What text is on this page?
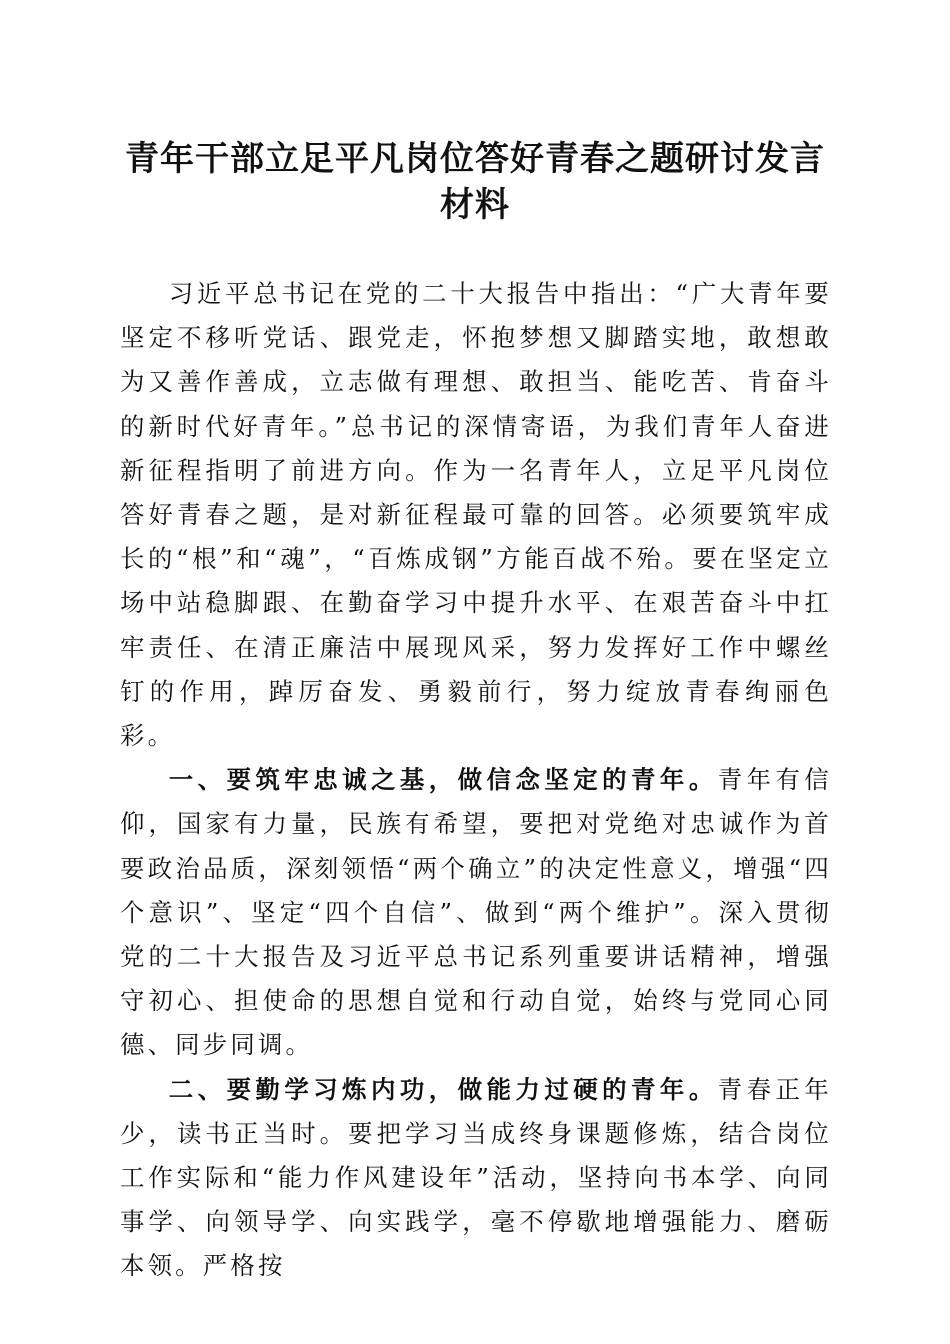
青年干部立足平凡岗位答好青春之题研讨发言材料

习近平总书记在党的二十大报告中指出：“广大青年要坚定不移听党话、跟党走，怀抱梦想又脚踏实地，敢想敢为又善作善成，立志做有理想、敢担当、能吃苦、肯奋斗的新时代好青年。”总书记的深情寄语，为我们青年人奋进新征程指明了前进方向。作为一名青年人，立足平凡岗位答好青春之题，是对新征程最可靠的回答。必须要筑牢成长的“根”和“魂”，“百炼成钢”方能百战不殆。要在坚定立场中站稳脚跟、在勤奋学习中提升水平、在艰苦奋斗中扛牢责任、在清正廉洁中展现风采，努力发挥好工作中螺丝钉的作用，踔厉奋发、勇毅前行，努力绽放青春绚丽色彩。

一、要筑牢忠诚之基，做信念坚定的青年。青年有信仰，国家有力量，民族有希望，要把对党绝对忠诚作为首要政治品质，深刻领悟“两个确立”的决定性意义，增强“四个意识”、坚定“四个自信”、做到“两个维护”。深入贯彻党的二十大报告及习近平总书记系列重要讲话精神，增强守初心、担使命的思想自觉和行动自觉，始终与党同心同德、同步同调。

二、要勤学习炼内功，做能力过硬的青年。青春正年少，读书正当时。要把学习当成终身课题修炼，结合岗位工作实际和“能力作风建设年”活动，坚持向书本学、向同事学、向领导学、向实践学，毫不停歇地增强能力、磨砺本领。严格按
